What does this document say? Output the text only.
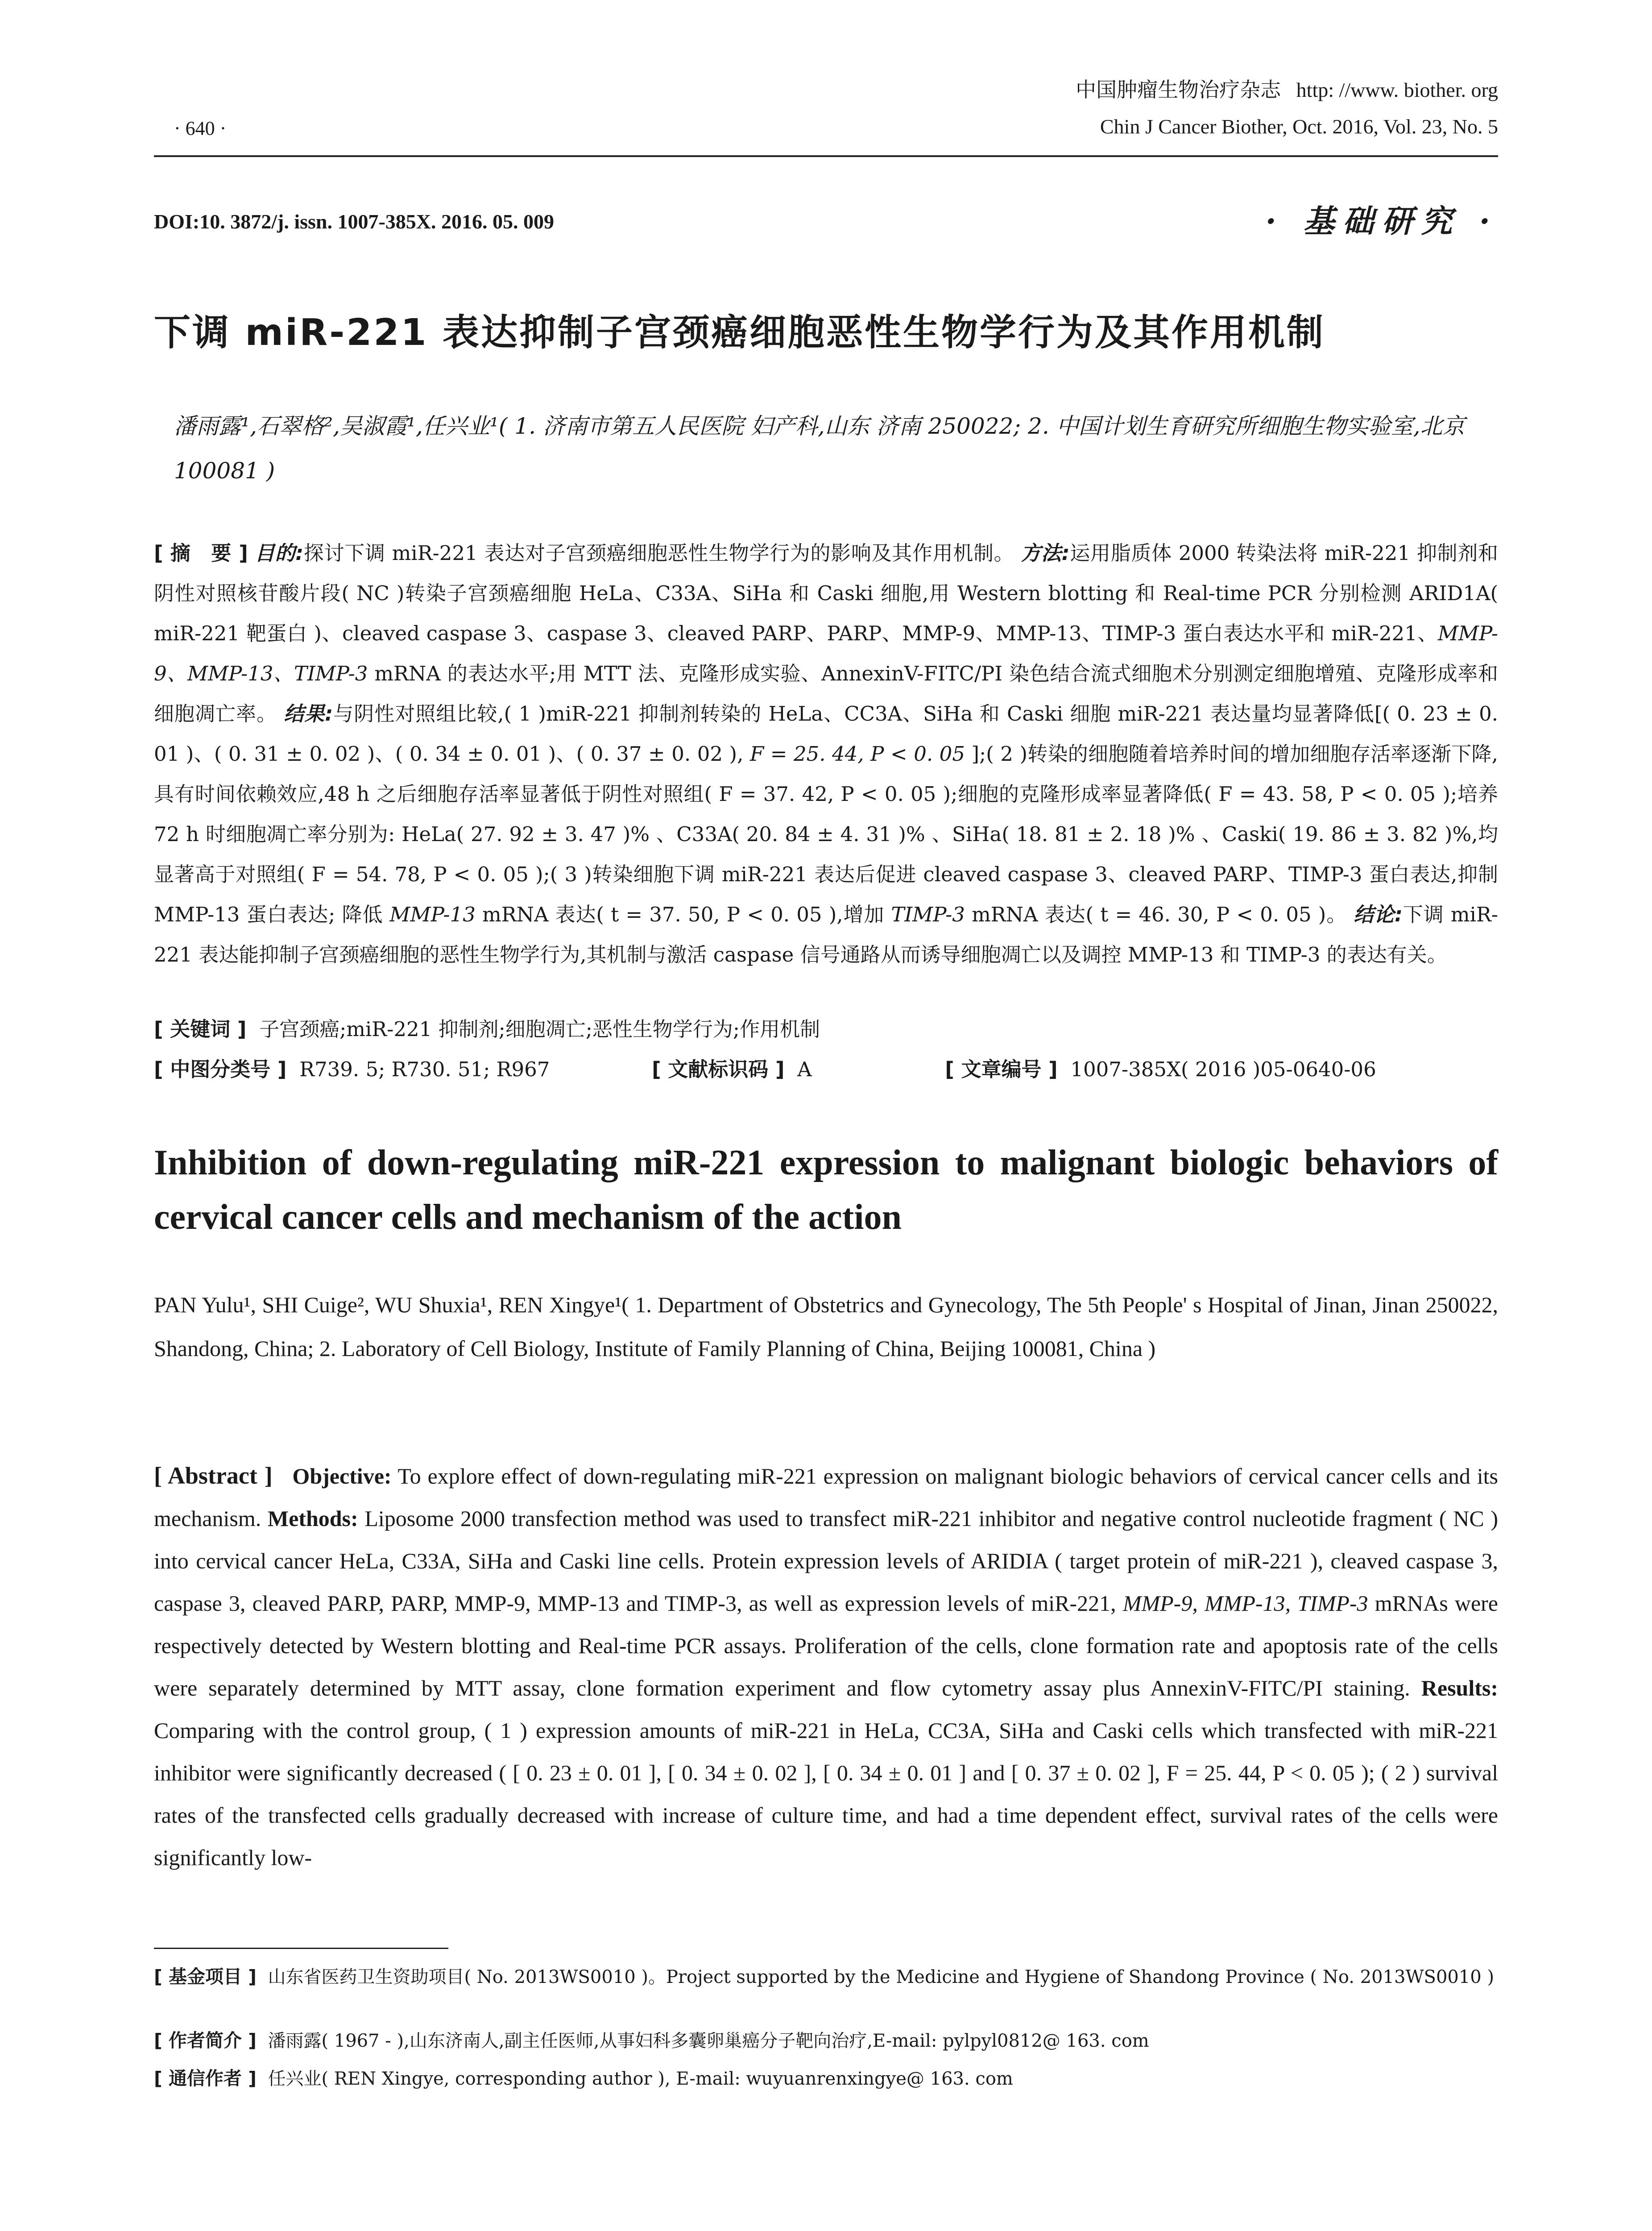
· 640 ·
中国肿瘤生物治疗杂志 http: //www. biother. org
Chin J Cancer Biother, Oct. 2016, Vol. 23, No. 5
DOI:10. 3872/j. issn. 1007-385X. 2016. 05. 009	· 基础研究 ·
下调 miR-221 表达抑制子宫颈癌细胞恶性生物学行为及其作用机制
潘雨露¹,石翠格²,吴淑霞¹,任兴业¹( 1. 济南市第五人民医院 妇产科,山东 济南 250022; 2. 中国计划生育研究所细胞生物实验室,北京 100081 )
[ 摘　要 ] 目的:探讨下调 miR-221 表达对子宫颈癌细胞恶性生物学行为的影响及其作用机制。 方法:运用脂质体 2000 转染法将 miR-221 抑制剂和阴性对照核苷酸片段( NC )转染子宫颈癌细胞 HeLa、C33A、SiHa 和 Caski 细胞,用 Western blotting 和 Real-time PCR 分别检测 ARID1A( miR-221 靶蛋白 )、cleaved caspase 3、caspase 3、cleaved PARP、PARP、MMP-9、MMP-13、TIMP-3 蛋白表达水平和 miR-221、MMP-9、MMP-13、TIMP-3 mRNA 的表达水平;用 MTT 法、克隆形成实验、AnnexinV-FITC/PI 染色结合流式细胞术分别测定细胞增殖、克隆形成率和细胞凋亡率。 结果:与阴性对照组比较,( 1 )miR-221 抑制剂转染的 HeLa、CC3A、SiHa 和 Caski 细胞 miR-221 表达量均显著降低[( 0. 23 ± 0. 01 )、( 0. 31 ± 0. 02 )、( 0. 34 ± 0. 01 )、( 0. 37 ± 0. 02 ), F = 25. 44, P < 0. 05 ];( 2 )转染的细胞随着培养时间的增加细胞存活率逐渐下降,具有时间依赖效应,48 h 之后细胞存活率显著低于阴性对照组( F = 37. 42, P < 0. 05 );细胞的克隆形成率显著降低( F = 43. 58, P < 0. 05 );培养 72 h 时细胞凋亡率分别为: HeLa( 27. 92 ± 3. 47 )% 、C33A( 20. 84 ± 4. 31 )% 、SiHa( 18. 81 ± 2. 18 )% 、Caski( 19. 86 ± 3. 82 )%,均显著高于对照组( F = 54. 78, P < 0. 05 );( 3 )转染细胞下调 miR-221 表达后促进 cleaved caspase 3、cleaved PARP、TIMP-3 蛋白表达,抑制 MMP-13 蛋白表达; 降低 MMP-13 mRNA 表达( t = 37. 50, P < 0. 05 ),增加 TIMP-3 mRNA 表达( t = 46. 30, P < 0. 05 )。 结论:下调 miR-221 表达能抑制子宫颈癌细胞的恶性生物学行为,其机制与激活 caspase 信号通路从而诱导细胞凋亡以及调控 MMP-13 和 TIMP-3 的表达有关。
[ 关键词 ] 子宫颈癌;miR-221 抑制剂;细胞凋亡;恶性生物学行为;作用机制
[ 中图分类号 ] R739. 5; R730. 51; R967	[ 文献标识码 ] A	[ 文章编号 ] 1007-385X( 2016 )05-0640-06
Inhibition of down-regulating miR-221 expression to malignant biologic behaviors of cervical cancer cells and mechanism of the action
PAN Yulu¹, SHI Cuige², WU Shuxia¹, REN Xingye¹( 1. Department of Obstetrics and Gynecology, The 5th People' s Hospital of Jinan, Jinan 250022, Shandong, China; 2. Laboratory of Cell Biology, Institute of Family Planning of China, Beijing 100081, China )
[ Abstract ] Objective: To explore effect of down-regulating miR-221 expression on malignant biologic behaviors of cervical cancer cells and its mechanism. Methods: Liposome 2000 transfection method was used to transfect miR-221 inhibitor and negative control nucleotide fragment ( NC ) into cervical cancer HeLa, C33A, SiHa and Caski line cells. Protein expression levels of ARIDIA ( target protein of miR-221 ), cleaved caspase 3, caspase 3, cleaved PARP, PARP, MMP-9, MMP-13 and TIMP-3, as well as expression levels of miR-221, MMP-9, MMP-13, TIMP-3 mRNAs were respectively detected by Western blotting and Real-time PCR assays. Proliferation of the cells, clone formation rate and apoptosis rate of the cells were separately determined by MTT assay, clone formation experiment and flow cytometry assay plus AnnexinV-FITC/PI staining. Results: Comparing with the control group, ( 1 ) expression amounts of miR-221 in HeLa, CC3A, SiHa and Caski cells which transfected with miR-221 inhibitor were significantly decreased ( [ 0. 23 ± 0. 01 ], [ 0. 34 ± 0. 02 ], [ 0. 34 ± 0. 01 ] and [ 0. 37 ± 0. 02 ], F = 25. 44, P < 0. 05 ); ( 2 ) survival rates of the transfected cells gradually decreased with increase of culture time, and had a time dependent effect, survival rates of the cells were significantly low-
[ 基金项目 ] 山东省医药卫生资助项目( No. 2013WS0010 )。Project supported by the Medicine and Hygiene of Shandong Province ( No. 2013WS0010 )
[ 作者简介 ] 潘雨露( 1967 - ),山东济南人,副主任医师,从事妇科多囊卵巢癌分子靶向治疗,E-mail: pylpyl0812@ 163. com
[ 通信作者 ] 任兴业( REN Xingye, corresponding author ), E-mail: wuyuanrenxingye@ 163. com
